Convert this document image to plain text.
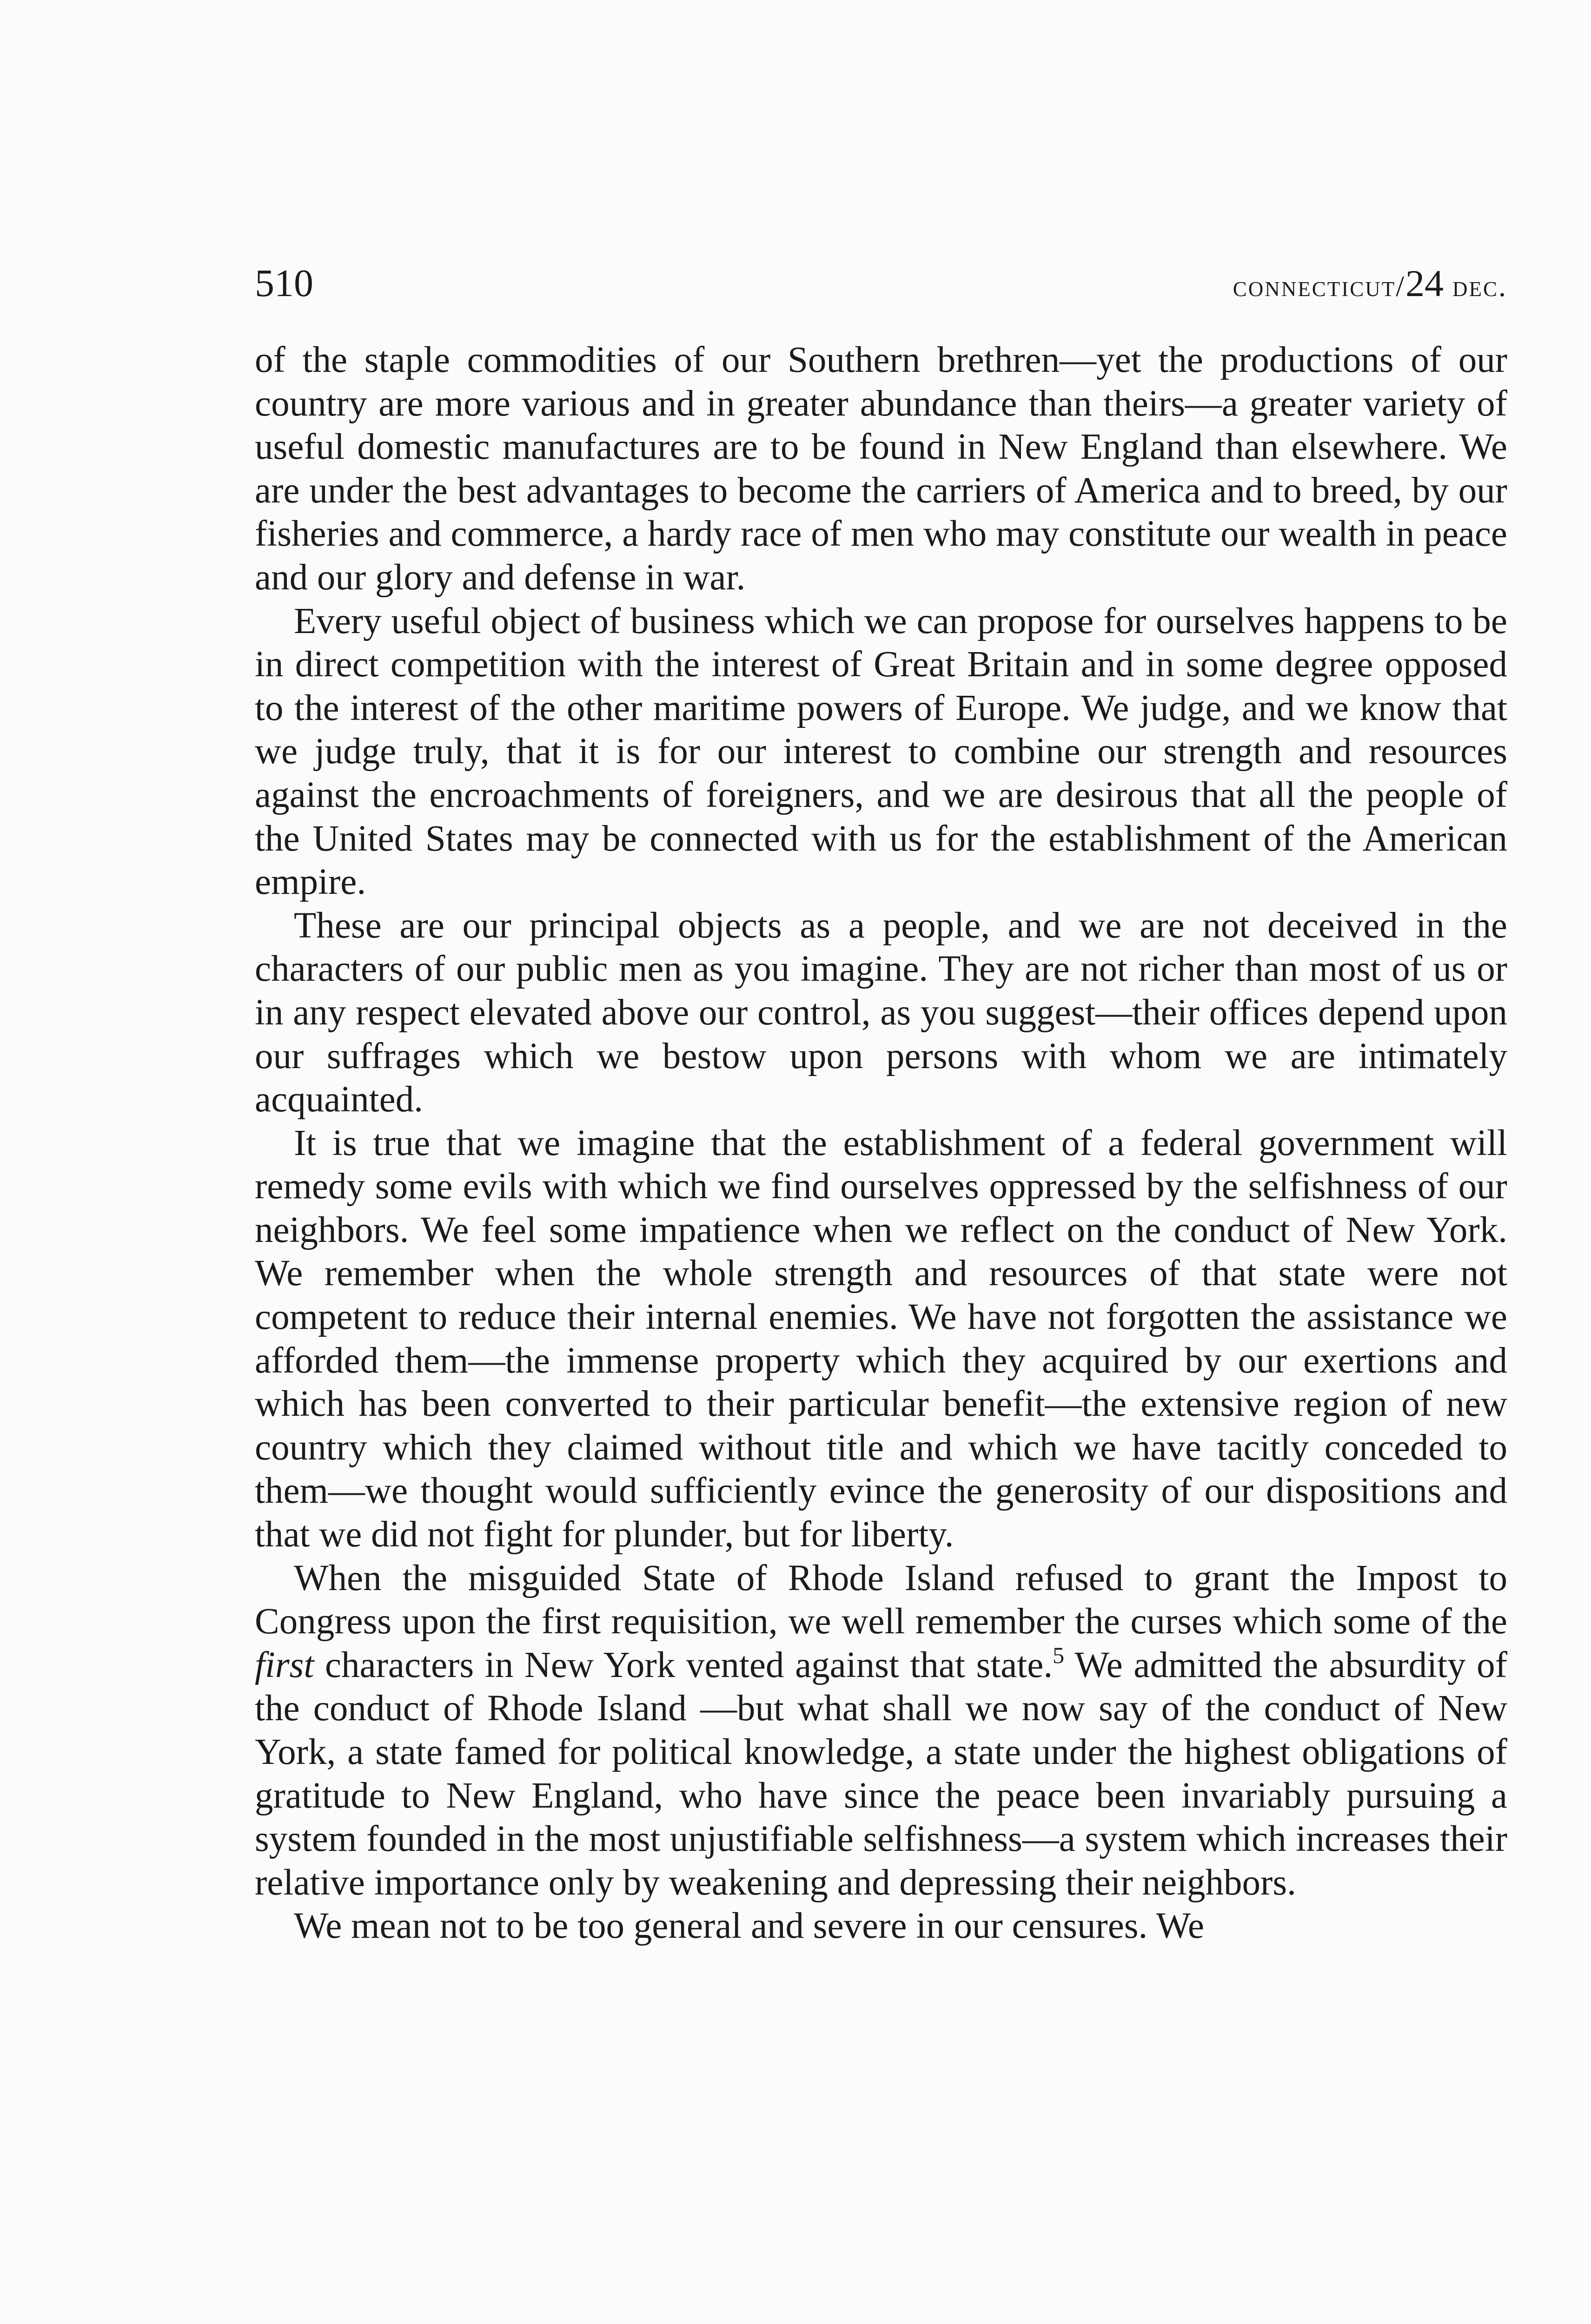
510	connecticut/24 dec.

of the staple commodities of our Southern brethren—yet the productions of our country are more various and in greater abundance than theirs—a greater variety of useful domestic manufactures are to be found in New England than elsewhere. We are under the best advantages to become the carriers of America and to breed, by our fisheries and commerce, a hardy race of men who may constitute our wealth in peace and our glory and defense in war.

Every useful object of business which we can propose for ourselves happens to be in direct competition with the interest of Great Britain and in some degree opposed to the interest of the other maritime powers of Europe. We judge, and we know that we judge truly, that it is for our interest to combine our strength and resources against the encroachments of foreigners, and we are desirous that all the people of the United States may be connected with us for the establishment of the American empire.

These are our principal objects as a people, and we are not deceived in the characters of our public men as you imagine. They are not richer than most of us or in any respect elevated above our control, as you suggest—their offices depend upon our suffrages which we bestow upon persons with whom we are intimately acquainted.

It is true that we imagine that the establishment of a federal government will remedy some evils with which we find ourselves oppressed by the selfishness of our neighbors. We feel some impatience when we reflect on the conduct of New York. We remember when the whole strength and resources of that state were not competent to reduce their internal enemies. We have not forgotten the assistance we afforded them—the immense property which they acquired by our exertions and which has been converted to their particular benefit—the extensive region of new country which they claimed without title and which we have tacitly conceded to them—we thought would sufficiently evince the generosity of our dispositions and that we did not fight for plunder, but for liberty.

When the misguided State of Rhode Island refused to grant the Impost to Congress upon the first requisition, we well remember the curses which some of the first characters in New York vented against that state.$^5$ We admitted the absurdity of the conduct of Rhode Island —but what shall we now say of the conduct of New York, a state famed for political knowledge, a state under the highest obligations of gratitude to New England, who have since the peace been invariably pursuing a system founded in the most unjustifiable selfishness—a system which increases their relative importance only by weakening and depressing their neighbors.

We mean not to be too general and severe in our censures. We
